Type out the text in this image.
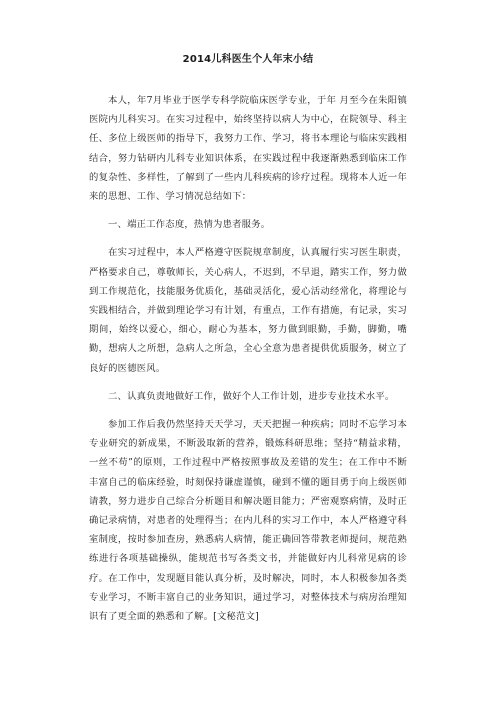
2014儿科医生个人年末小结

本人，年7月毕业于医学专科学院临床医学专业，于年 月至今在朱阳镇医院内儿科实习。在实习过程中，始终坚持以病人为中心，在院领导、科主任、多位上级医师的指导下，我努力工作、学习，将书本理论与临床实践相结合，努力钻研内儿科专业知识体系，在实践过程中我逐渐熟悉到临床工作的复杂性、多样性，了解到了一些内儿科疾病的诊疗过程。现将本人近一年来的思想、工作、学习情况总结如下：

一、端正工作态度，热情为患者服务。

在实习过程中，本人严格遵守医院规章制度，认真履行实习医生职责，严格要求自己，尊敬师长，关心病人，不迟到，不早退，踏实工作，努力做到工作规范化，技能服务优质化，基础灵活化，爱心活动经常化，将理论与实践相结合，并做到理论学习有计划，有重点，工作有措施，有记录，实习期间，始终以爱心，细心，耐心为基本，努力做到眼勤，手勤，脚勤，嘴勤，想病人之所想，急病人之所急，全心全意为患者提供优质服务，树立了良好的医德医风。

二、认真负责地做好工作，做好个人工作计划，进步专业技术水平。

参加工作后我仍然坚持天天学习，天天把握一种疾病；同时不忘学习本专业研究的新成果，不断汲取新的营养，锻炼科研思维；坚持“精益求精，一丝不苟”的原则，工作过程中严格按照事故及差错的发生；在工作中不断丰富自己的临床经验，时刻保持谦虚谨慎，碰到不懂的题目勇于向上级医师请教，努力进步自己综合分析题目和解决题目能力；严密观察病情，及时正确记录病情，对患者的处理得当；在内儿科的实习工作中，本人严格遵守科室制度，按时参加查房，熟悉病人病情，能正确回答带教老师提问，规范熟练进行各项基础操纵，能规范书写各类文书，并能做好内儿科常见病的诊疗。在工作中，发现题目能认真分析，及时解决，同时，本人积极参加各类专业学习，不断丰富自己的业务知识，通过学习，对整体技术与病房治理知识有了更全面的熟悉和了解。[文秘范文]
